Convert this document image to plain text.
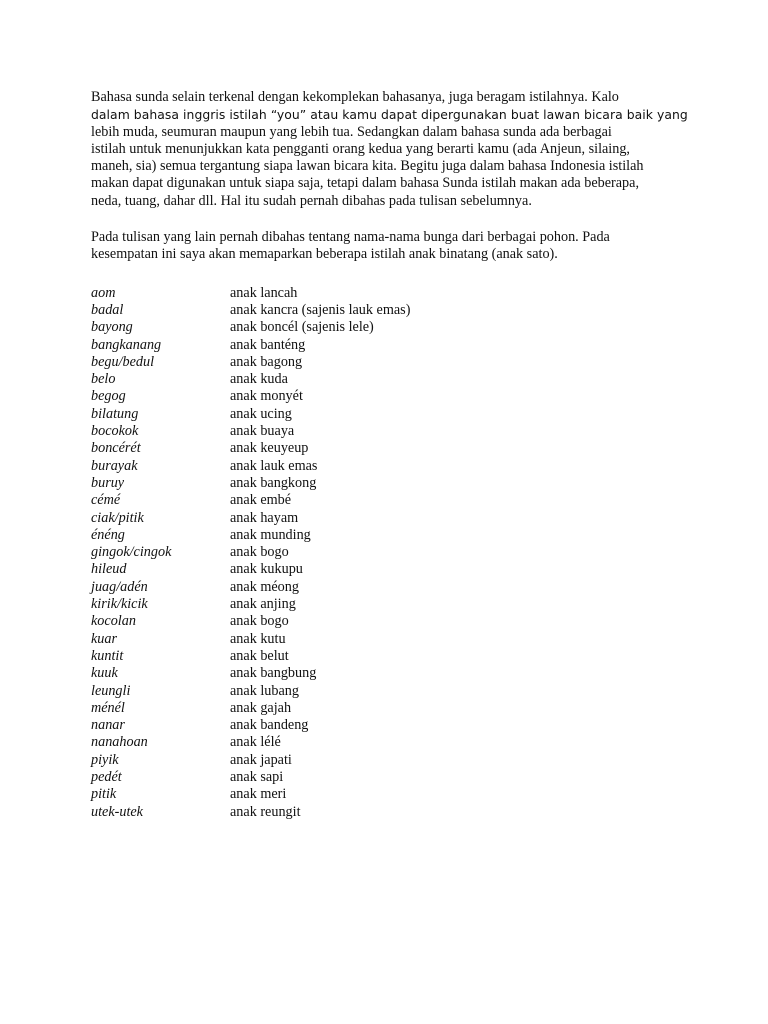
Bahasa sunda selain terkenal dengan kekomplekan bahasanya, juga beragam istilahnya. Kalo
dalam bahasa inggris istilah “you” atau kamu dapat dipergunakan buat lawan bicara baik yang
lebih muda, seumuran maupun yang lebih tua. Sedangkan dalam bahasa sunda ada berbagai
istilah untuk menunjukkan kata pengganti orang kedua yang berarti kamu (ada Anjeun, silaing,
maneh, sia) semua tergantung siapa lawan bicara kita. Begitu juga dalam bahasa Indonesia istilah
makan dapat digunakan untuk siapa saja, tetapi dalam bahasa Sunda istilah makan ada beberapa,
neda, tuang, dahar dll. Hal itu sudah pernah dibahas pada tulisan sebelumnya.

Pada tulisan yang lain pernah dibahas tentang nama-nama bunga dari berbagai pohon. Pada
kesempatan ini saya akan memaparkan beberapa istilah anak binatang (anak sato).

aom	anak lancah
badal	anak kancra (sajenis lauk emas)
bayong	anak boncél (sajenis lele)
bangkanang	anak banténg
begu/bedul	anak bagong
belo	anak kuda
begog	anak monyét
bilatung	anak ucing
bocokok	anak buaya
boncérét	anak keuyeup
burayak	anak lauk emas
buruy	anak bangkong
cémé	anak embé
ciak/pitik	anak hayam
énéng	anak munding
gingok/cingok	anak bogo
hileud	anak kukupu
juag/adén	anak méong
kirik/kicik	anak anjing
kocolan	anak bogo
kuar	anak kutu
kuntit	anak belut
kuuk	anak bangbung
leungli	anak lubang
ménél	anak gajah
nanar	anak bandeng
nanahoan	anak lélé
piyik	anak japati
pedét	anak sapi
pitik	anak meri
utek-utek	anak reungit
